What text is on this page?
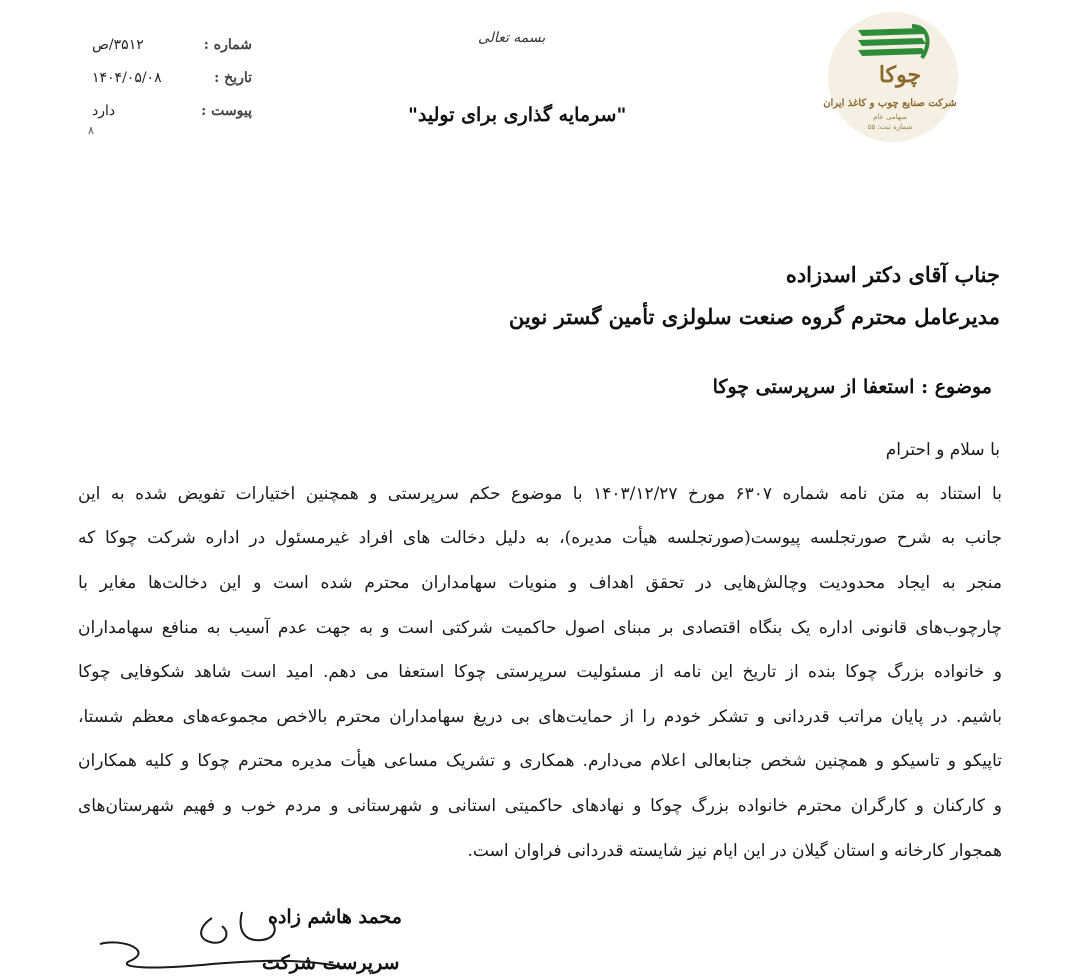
شماره :
۳۵۱۲/ص
تاریخ :
۱۴۰۴/۰۵/۰۸
پیوست :
دارد
۸
بسمه تعالی
"سرمایه گذاری برای تولید"
چوکا
شرکت صنایع چوب و کاغذ ایران
سهامی عام
شماره ثبت: ۵۵
جناب آقای دکتر اسدزاده
مدیرعامل محترم گروه صنعت سلولزی تأمین گستر نوین
موضوع : استعفا از سرپرستی چوکا
با سلام و احترام
با استناد به متن نامه شماره ۶۳۰۷ مورخ ۱۴۰۳/۱۲/۲۷ با موضوع حکم سرپرستی و همچنین اختیارات تفویض شده به این
جانب به شرح صورتجلسه پیوست(صورتجلسه هیأت مدیره)، به دلیل دخالت های افراد غیرمسئول در اداره شرکت چوکا که
منجر به ایجاد محدودیت وچالش‌هایی در تحقق اهداف و منویات سهامداران محترم شده است و این دخالت‌ها مغایر با
چارچوب‌های قانونی اداره یک بنگاه اقتصادی بر مبنای اصول حاکمیت شرکتی است و به جهت عدم آسیب به منافع سهامداران
و خانواده بزرگ چوکا بنده از تاریخ این نامه از مسئولیت سرپرستی چوکا استعفا می دهم. امید است شاهد شکوفایی چوکا
باشیم. در پایان مراتب قدردانی و تشکر خودم را از حمایت‌های بی دریغ سهامداران محترم بالاخص مجموعه‌های معظم شستا،
تاپیکو و تاسیکو و همچنین شخص جنابعالی اعلام می‌دارم. همکاری و تشریک مساعی هیأت مدیره محترم چوکا و کلیه همکاران
و کارکنان و کارگران محترم خانواده بزرگ چوکا و نهادهای حاکمیتی استانی و شهرستانی و مردم خوب و فهیم شهرستان‌های
همجوار کارخانه و استان گیلان در این ایام نیز شایسته قدردانی فراوان است.
محمد هاشم زاده
سرپرست شرکت
